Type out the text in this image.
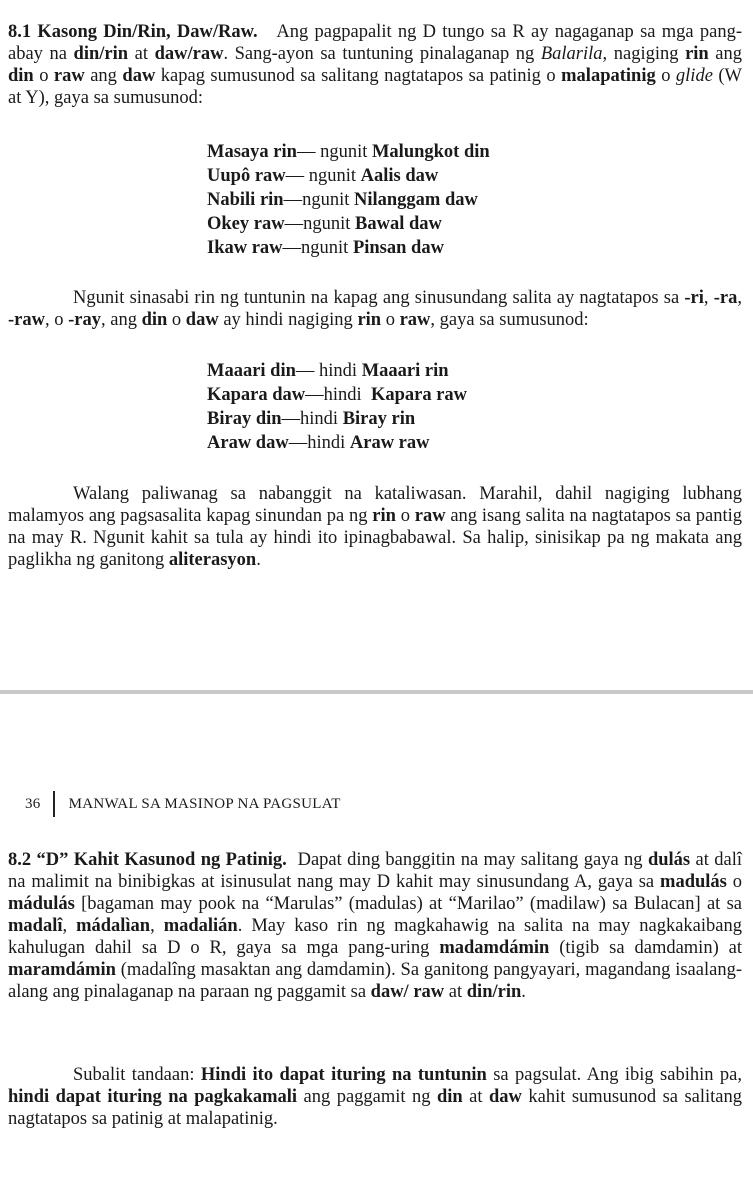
8.1 Kasong Din/Rin, Daw/Raw. Ang pagpapalit ng D tungo sa R ay nagaganap sa mga pang-abay na din/rin at daw/raw. Sang-ayon sa tuntuning pinalaganap ng Balarila, nagiging rin ang din o raw ang daw kapag sumusunod sa salitang nagtatapos sa patinig o malapatinig o glide (W at Y), gaya sa sumusunod:

Masaya rin— ngunit Malungkot din
Uupô raw— ngunit Aalis daw
Nabili rin—ngunit Nilanggam daw
Okey raw—ngunit Bawal daw
Ikaw raw—ngunit Pinsan daw

Ngunit sinasabi rin ng tuntunin na kapag ang sinusundang salita ay nagtatapos sa -ri, -ra, -raw, o -ray, ang din o daw ay hindi nagiging rin o raw, gaya sa sumusunod:

Maaari din— hindi Maaari rin
Kapara daw—hindi  Kapara raw
Biray din—hindi Biray rin
Araw daw—hindi Araw raw

Walang paliwanag sa nabanggit na kataliwasan. Marahil, dahil nagiging lubhang malamyos ang pagsasalita kapag sinundan pa ng rin o raw ang isang salita na nagtatapos sa pantig na may R. Ngunit kahit sa tula ay hindi ito ipinagbabawal. Sa halip, sinisikap pa ng makata ang paglikha ng ganitong aliterasyon.

36 MANWAL SA MASINOP NA PAGSULAT

8.2 “D” Kahit Kasunod ng Patinig. Dapat ding banggitin na may salitang gaya ng dulás at dalî na malimit na binibigkas at isinusulat nang may D kahit may sinusundang A, gaya sa madulás o mádulás [bagaman may pook na “Marulas” (madulas) at “Marilao” (madilaw) sa Bulacan] at sa madalî, mádalìan, madalián. May kaso rin ng magkahawig na salita na may nagkakaibang kahulugan dahil sa D o R, gaya sa mga pang-uring madamdámin (tigib sa damdamin) at maramdámin (madalîng masaktan ang damdamin). Sa ganitong pangyayari, magandang isaalang-alang ang pinalaganap na paraan ng paggamit sa daw/ raw at din/rin.

Subalit tandaan: Hindi ito dapat ituring na tuntunin sa pagsulat. Ang ibig sabihin pa, hindi dapat ituring na pagkakamali ang paggamit ng din at daw kahit sumusunod sa salitang nagtatapos sa patinig at malapatinig.
